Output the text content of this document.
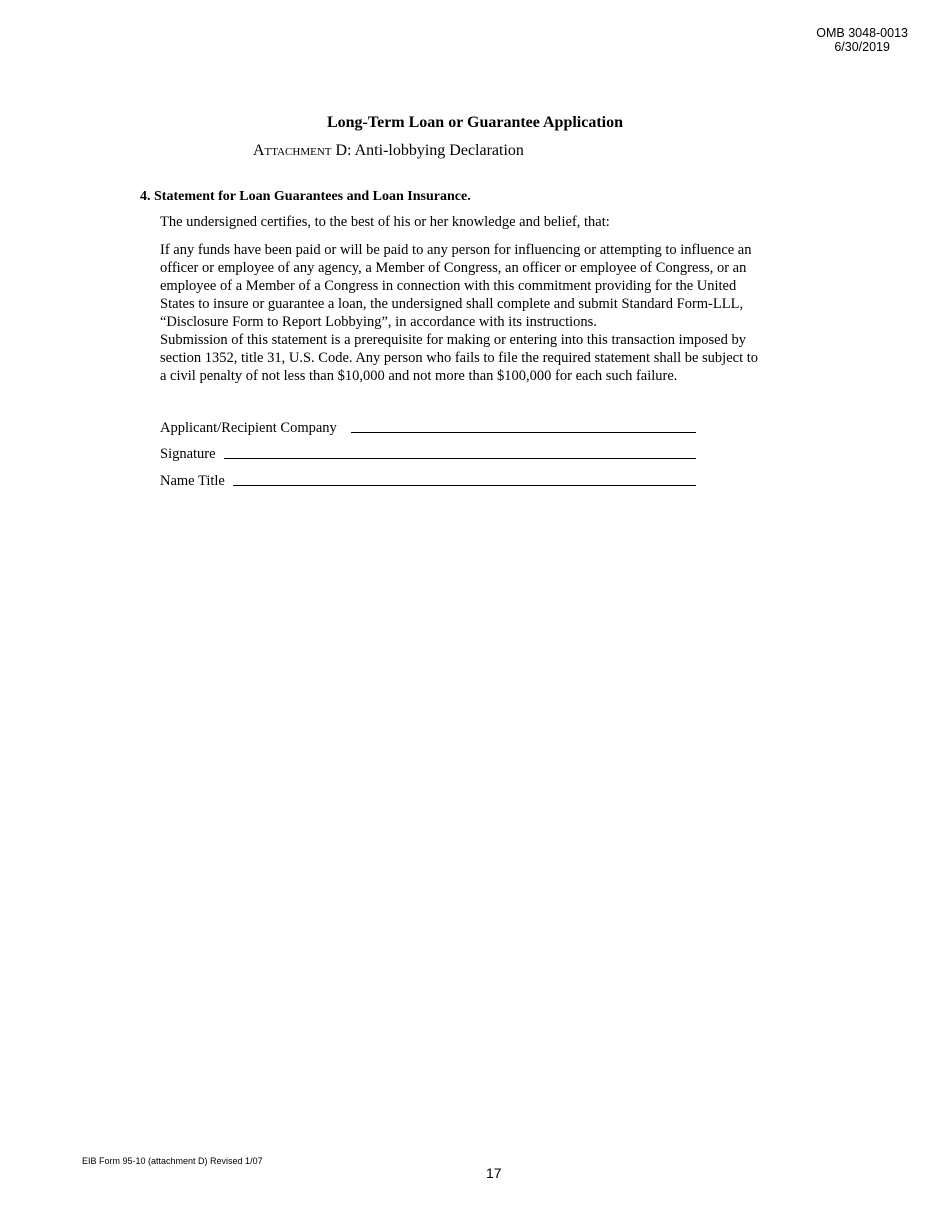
OMB 3048-0013
6/30/2019
Long-Term Loan or Guarantee Application
Attachment D: Anti-lobbying Declaration
4. Statement for Loan Guarantees and Loan Insurance.
The undersigned certifies, to the best of his or her knowledge and belief, that:
If any funds have been paid or will be paid to any person for influencing or attempting to influence an
officer or employee of any agency, a Member of Congress, an officer or employee of Congress, or an
employee of a Member of a Congress in connection with this commitment providing for the United
States to insure or guarantee a loan, the undersigned shall complete and submit Standard Form-LLL,
“Disclosure Form to Report Lobbying”, in accordance with its instructions.
Submission of this statement is a prerequisite for making or entering into this transaction imposed by
section 1352, title 31, U.S. Code. Any person who fails to file the required statement shall be subject to
a civil penalty of not less than $10,000 and not more than $100,000 for each such failure.
Applicant/Recipient Company
Signature
Name Title
EIB Form 95-10 (attachment D) Revised 1/07
17
